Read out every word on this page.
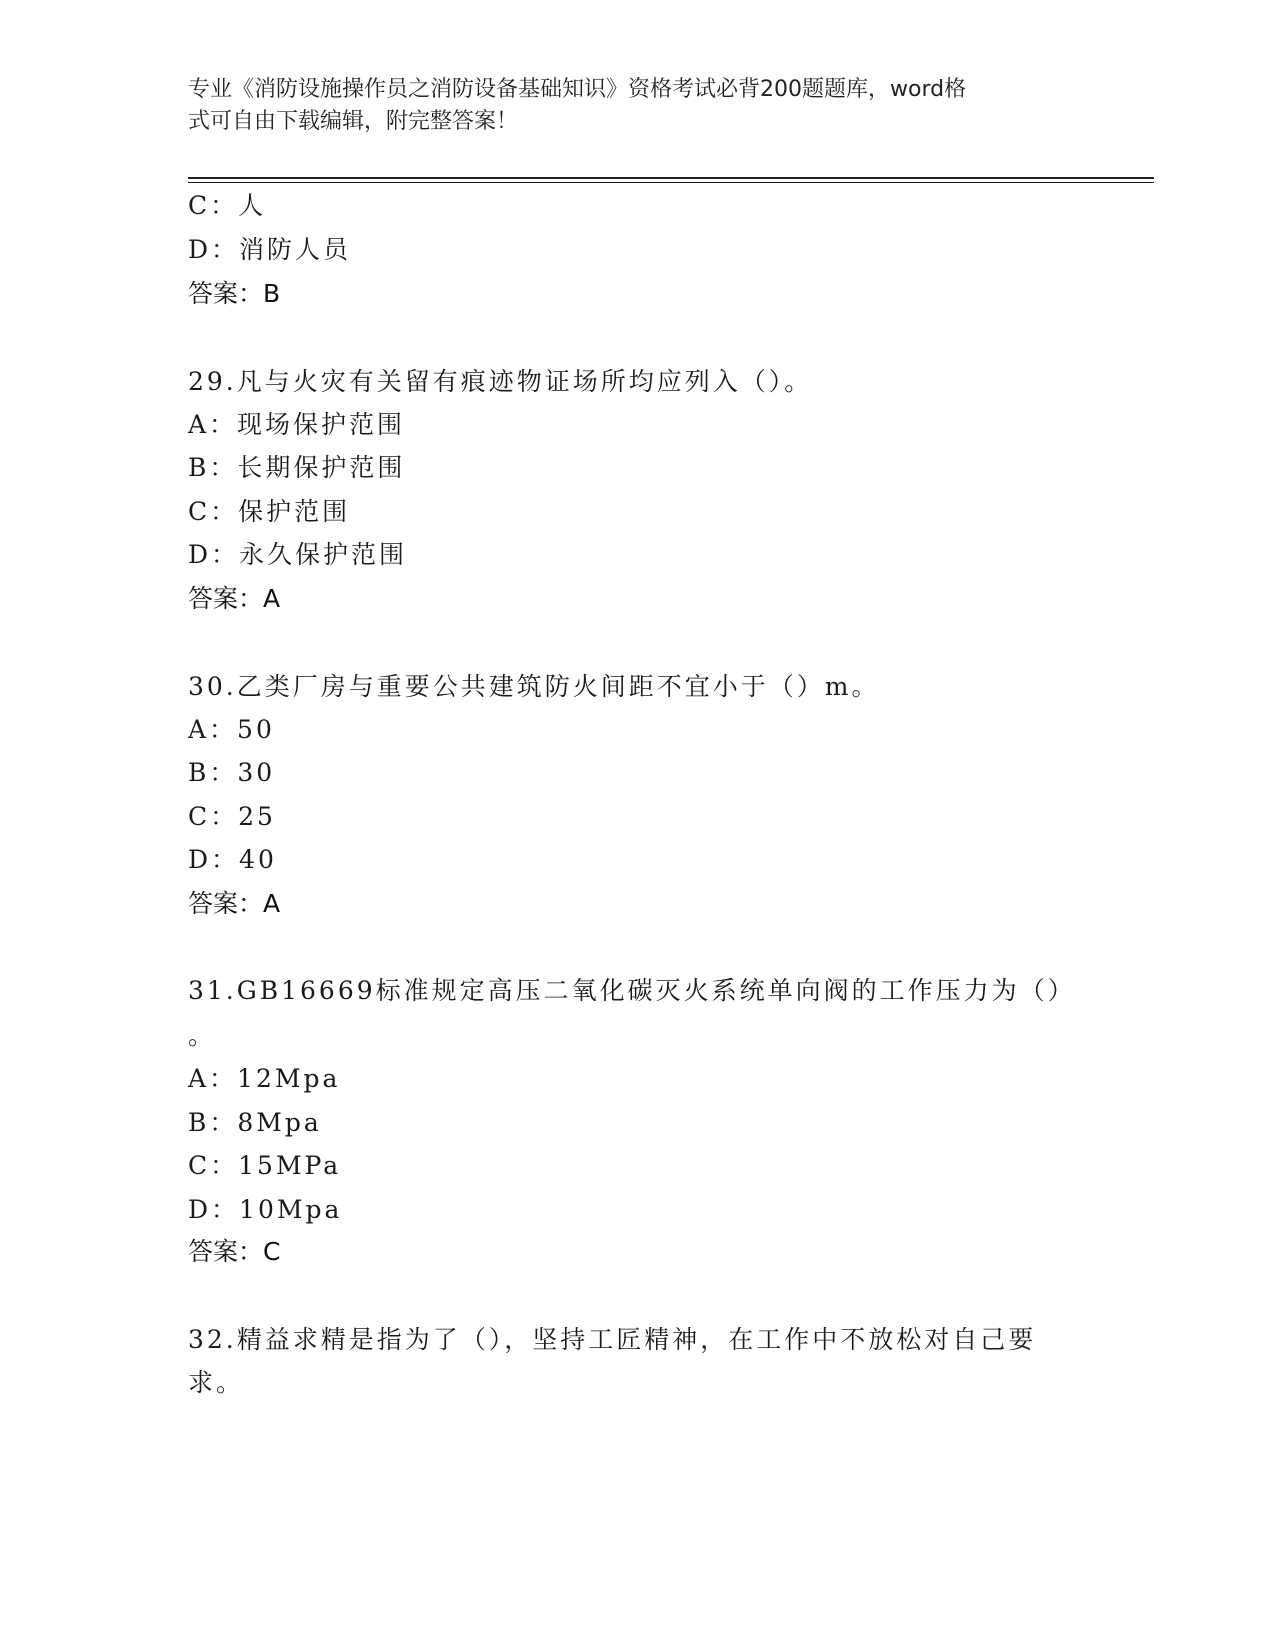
专业《消防设施操作员之消防设备基础知识》资格考试必背200题题库，word格
式可自由下载编辑，附完整答案！
C：人
D：消防人员
答案：B
29.凡与火灾有关留有痕迹物证场所均应列入（）。
A：现场保护范围
B：长期保护范围
C：保护范围
D：永久保护范围
答案：A
30.乙类厂房与重要公共建筑防火间距不宜小于（）m。
A：50
B：30
C：25
D：40
答案：A
31.GB16669标准规定高压二氧化碳灭火系统单向阀的工作压力为（）
。
A：12Mpa
B：8Mpa
C：15MPa
D：10Mpa
答案：C
32.精益求精是指为了（），坚持工匠精神，在工作中不放松对自己要
求。
